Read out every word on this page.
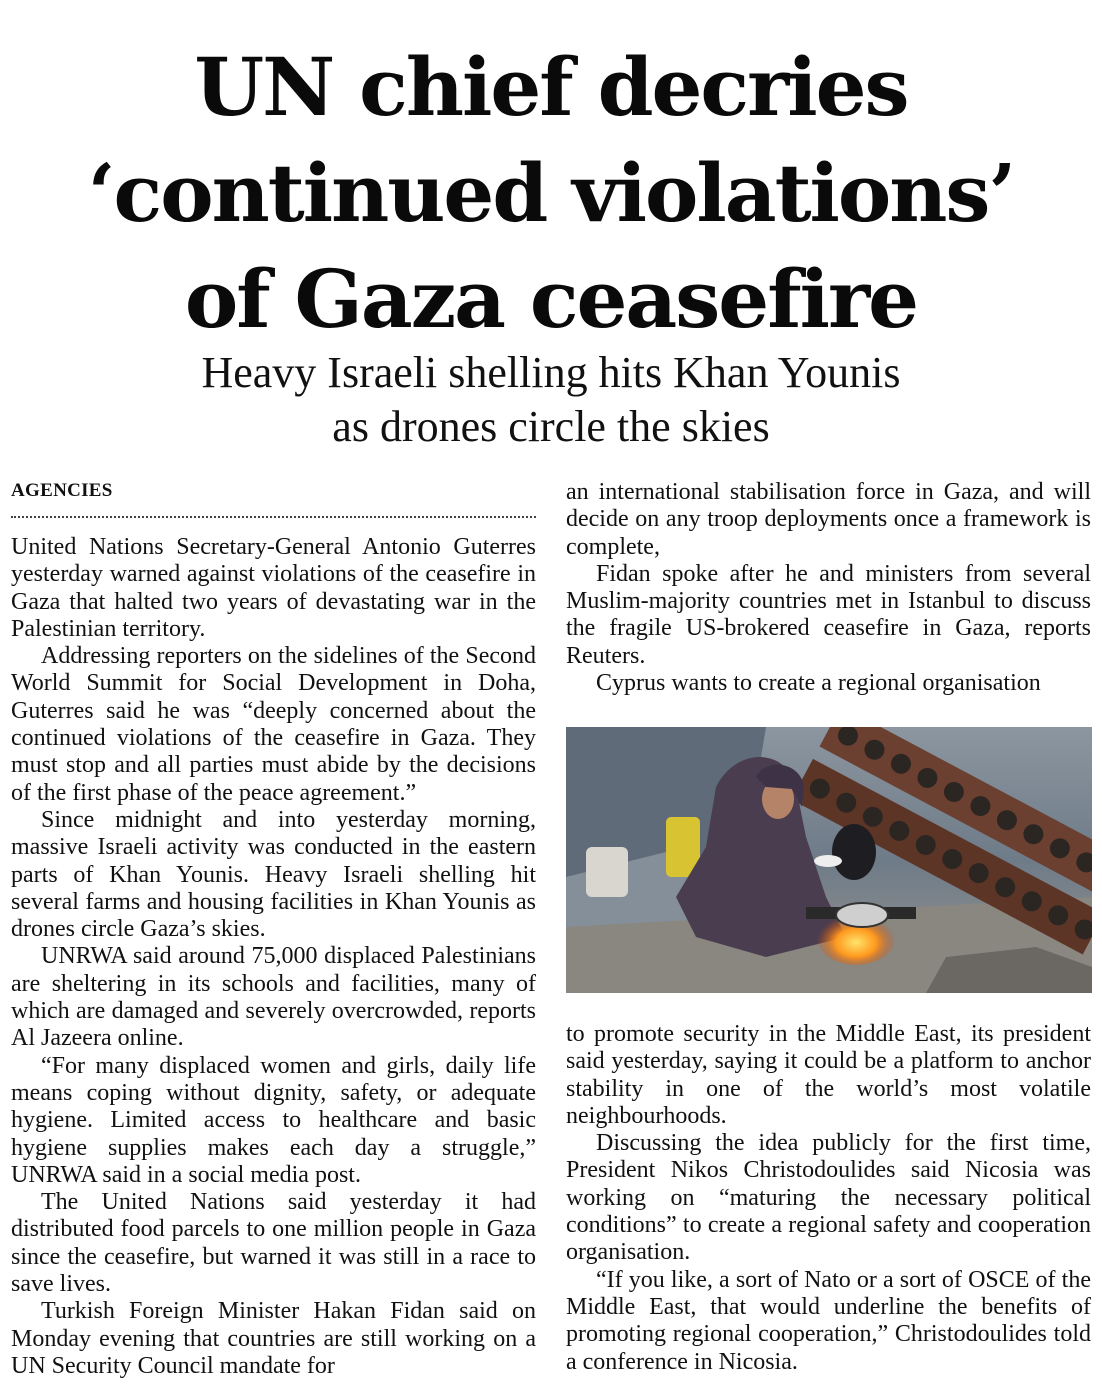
UN chief decries
‘continued violations’
of Gaza ceasefire
Heavy Israeli shelling hits Khan Younis
as drones circle the skies
AGENCIES

United Nations Secretary-General Antonio Guterres yesterday warned against violations of the ceasefire in Gaza that halted two years of devastating war in the Palestinian territory.

Addressing reporters on the sidelines of the Second World Summit for Social Development in Doha, Guterres said he was “deeply concerned about the continued violations of the ceasefire in Gaza. They must stop and all parties must abide by the decisions of the first phase of the peace agreement.”

Since midnight and into yesterday morning, massive Israeli activity was conducted in the eastern parts of Khan Younis. Heavy Israeli shelling hit several farms and housing facilities in Khan Younis as drones circle Gaza’s skies.

UNRWA said around 75,000 displaced Palestinians are sheltering in its schools and facilities, many of which are damaged and severely overcrowded, reports Al Jazeera online.

“For many displaced women and girls, daily life means coping without dignity, safety, or adequate hygiene. Limited access to healthcare and basic hygiene supplies makes each day a struggle,” UNRWA said in a social media post.

The United Nations said yesterday it had distributed food parcels to one million people in Gaza since the ceasefire, but warned it was still in a race to save lives.

Turkish Foreign Minister Hakan Fidan said on Monday evening that countries are still working on a UN Security Council mandate for

an international stabilisation force in Gaza, and will decide on any troop deployments once a framework is complete,

Fidan spoke after he and ministers from several Muslim-majority countries met in Istanbul to discuss the fragile US-brokered ceasefire in Gaza, reports Reuters.

Cyprus wants to create a regional organisation

to promote security in the Middle East, its president said yesterday, saying it could be a platform to anchor stability in one of the world’s most volatile neighbourhoods.

Discussing the idea publicly for the first time, President Nikos Christodoulides said Nicosia was working on “maturing the necessary political conditions” to create a regional safety and cooperation organisation.

“If you like, a sort of Nato or a sort of OSCE of the Middle East, that would underline the benefits of promoting regional cooperation,” Christodoulides told a conference in Nicosia.
